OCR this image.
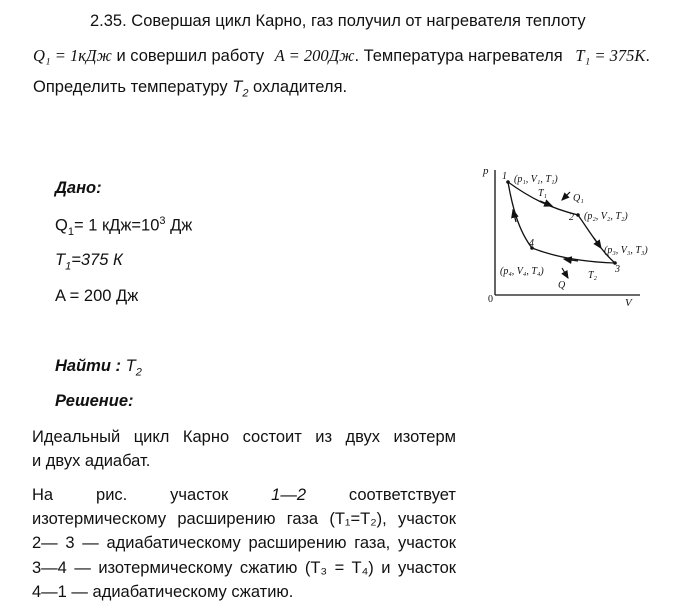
2.35. Совершая цикл Карно, газ получил от нагревателя теплоту
Q₁ = 1кДж и совершил работу A = 200Дж. Температура нагревателя T₁ = 375K.
Определить температуру $T_2$ охладителя.
Дано:
$Q_1= 1$ $кДж=10^3$ Дж
$T_1=375$ К
A = 200 Дж
Найти : $T_2$
Решение:
Идеальный цикл Карно состоит из двух изотерм
и двух адиабат.
На	рис.	участок	1—2	соответствует
изотермическому расширению газа (T₁=T₂), участок
2— 3 — адиабатическому расширению газа, участок
3—4 — изотермическому сжатию (T₃ = T₄) и участок
4—1 — адиабатическому сжатию.
p
V
0
1
2
3
4
(p₁, V₁, T₁)
(p₂, V₂, T₂)
(p₃, V₃, T₃)
(p₄, V₄, T₄)
T₁
T₂
Q₁
Q
